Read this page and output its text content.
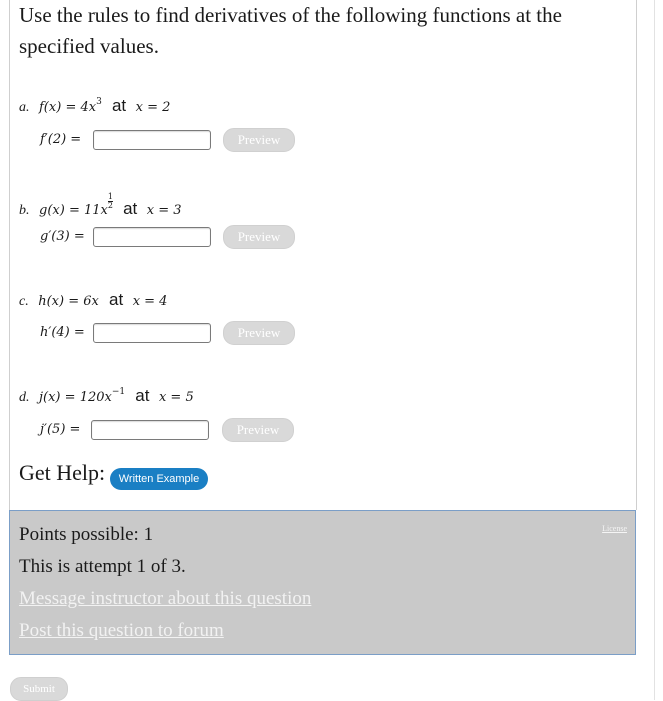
Use the rules to find derivatives of the following functions at the specified values.
a. $f(x) = 4x^3$ at x = 2
f′(2) =	Preview
b. g(x) = 11x
$\frac{1}{2}$ at x = 3
g′(3) =	Preview
c. h(x) = 6x at x = 4
h′(4) =	Preview
d. $j(x) = 120x^{-1}$ at x = 5
j′(5) =	Preview
Get Help:	Written Example
License
Points possible: 1
This is attempt 1 of 3.
Message instructor about this question
Post this question to forum
Submit
